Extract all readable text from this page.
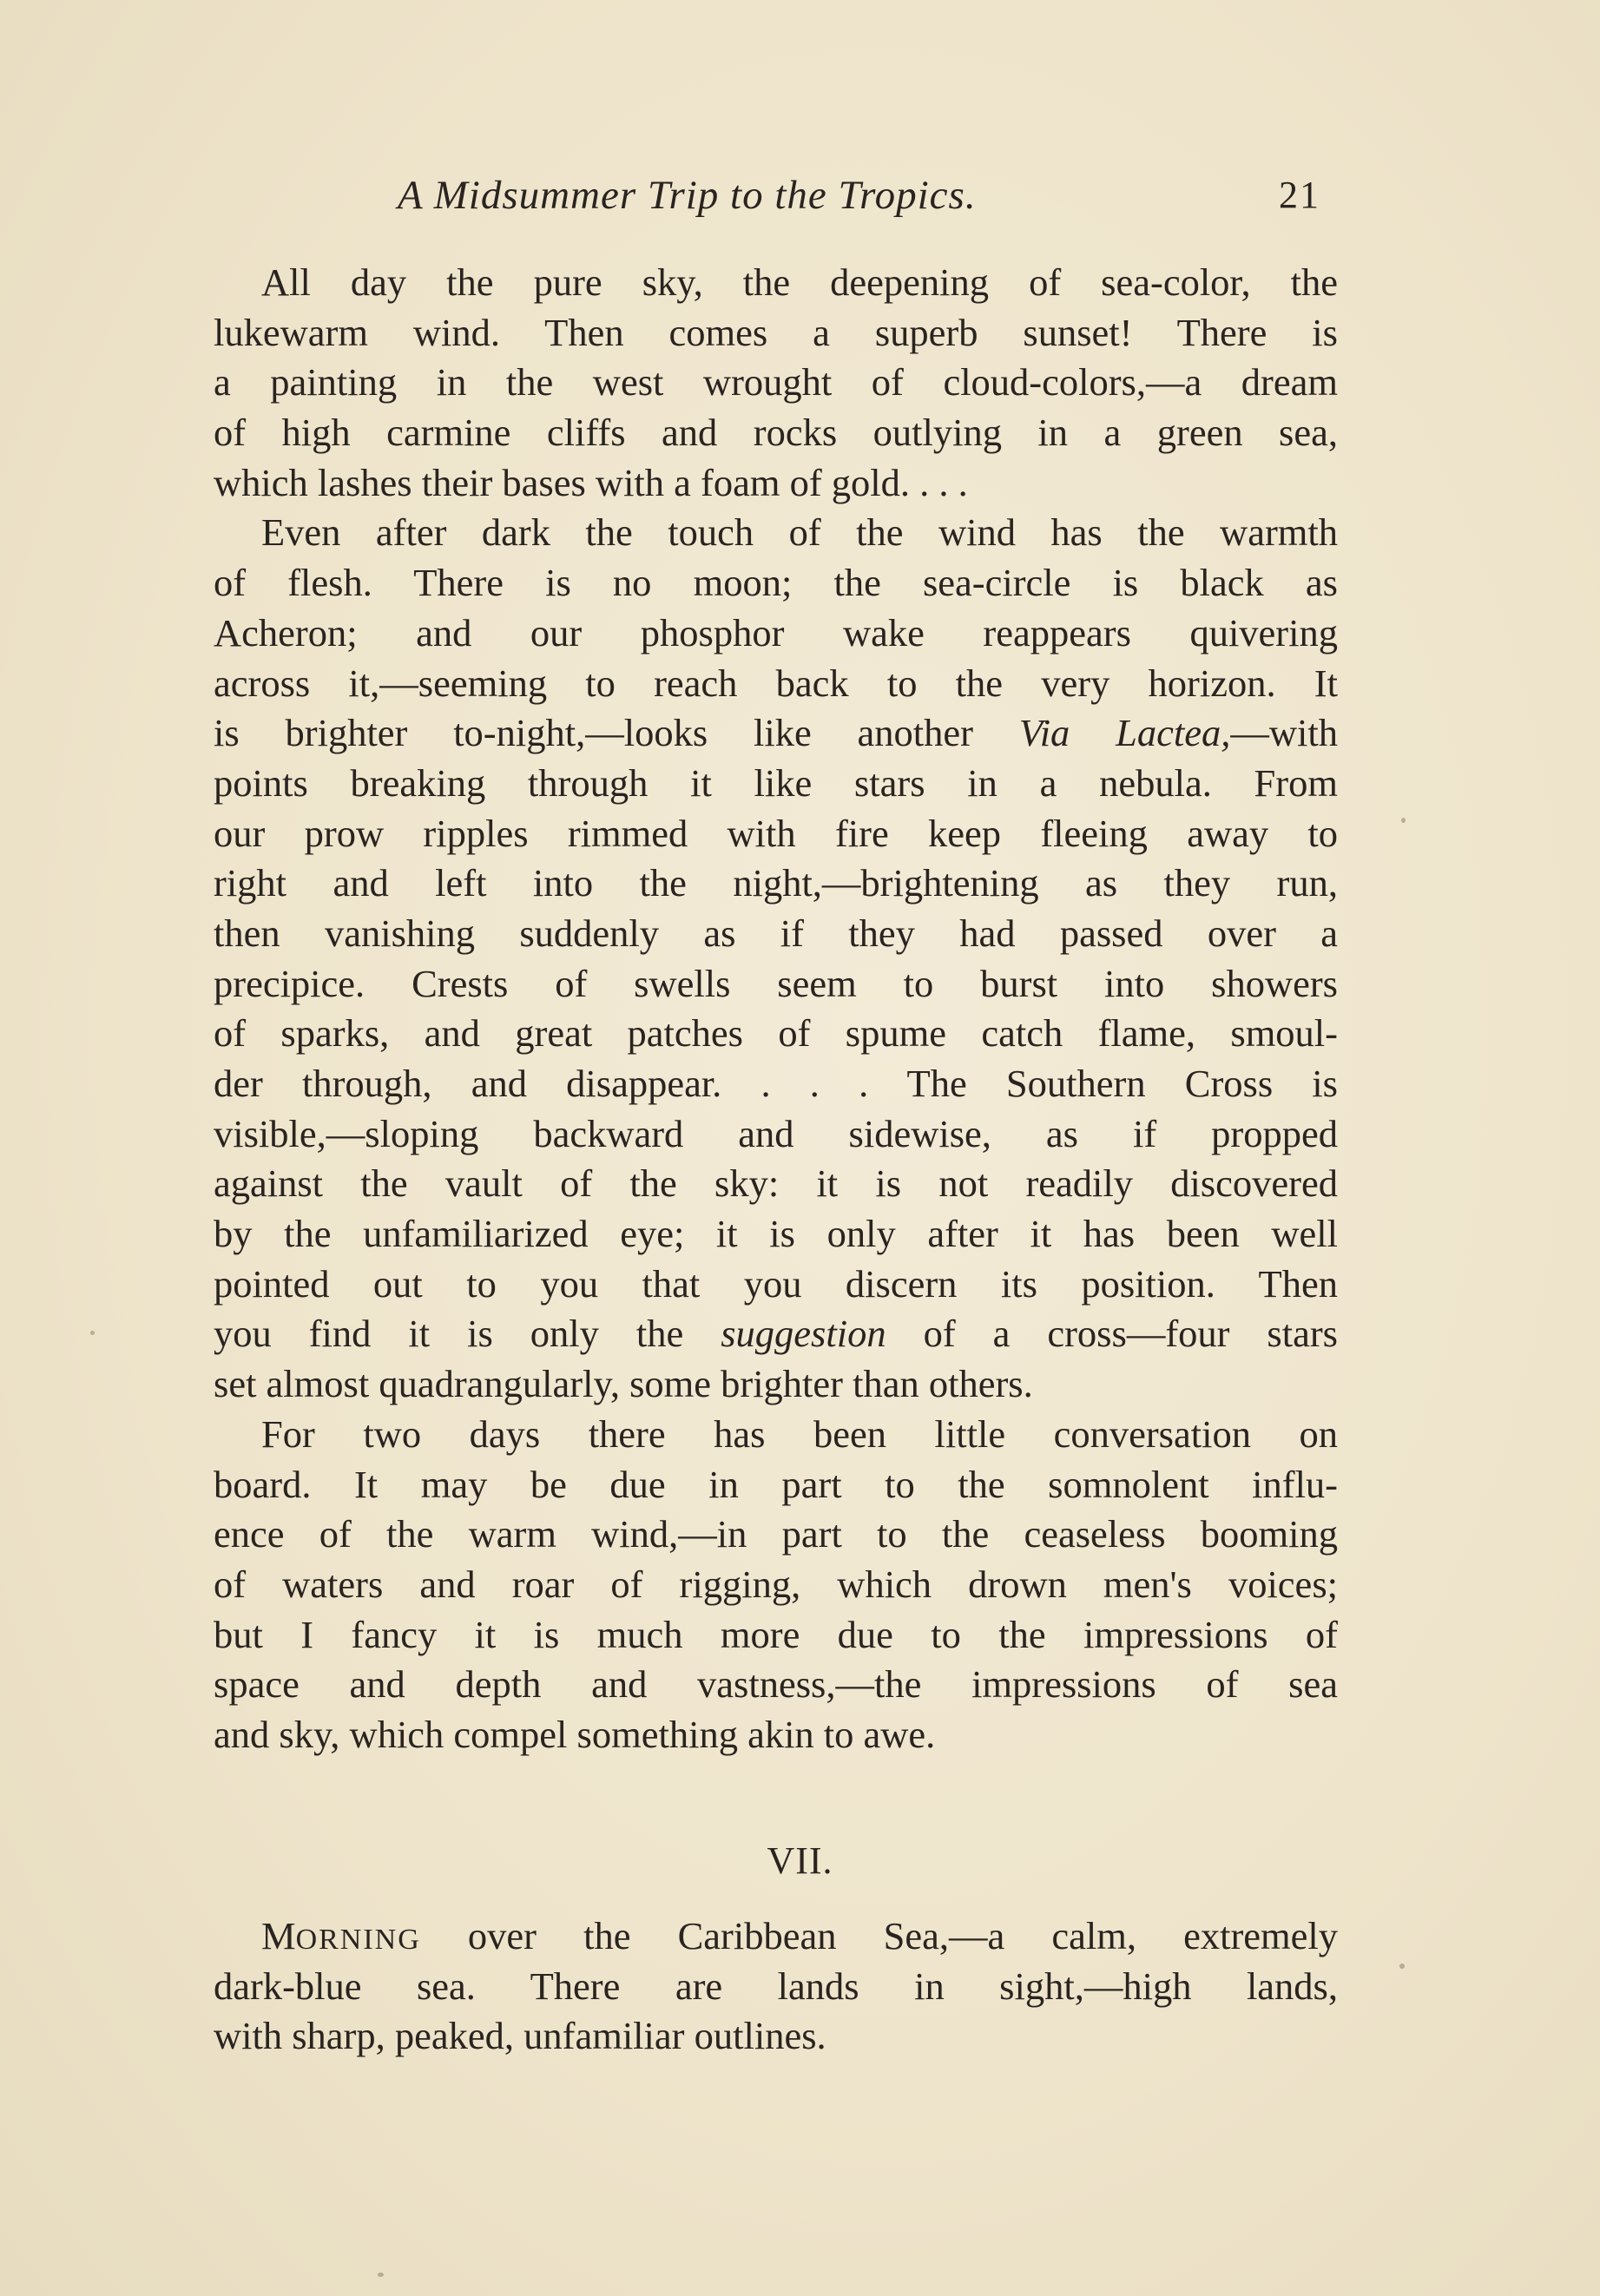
A Midsummer Trip to the Tropics.	21
All day the pure sky, the deepening of sea-color, the
lukewarm wind. Then comes a superb sunset! There is
a painting in the west wrought of cloud-colors,—a dream
of high carmine cliffs and rocks outlying in a green sea,
which lashes their bases with a foam of gold. . . .
Even after dark the touch of the wind has the warmth
of flesh. There is no moon; the sea-circle is black as
Acheron; and our phosphor wake reappears quivering
across it,—seeming to reach back to the very horizon. It
is brighter to-night,—looks like another Via Lactea,—with
points breaking through it like stars in a nebula. From
our prow ripples rimmed with fire keep fleeing away to
right and left into the night,—brightening as they run,
then vanishing suddenly as if they had passed over a
precipice. Crests of swells seem to burst into showers
of sparks, and great patches of spume catch flame, smoul-
der through, and disappear. . . . The Southern Cross is
visible,—sloping backward and sidewise, as if propped
against the vault of the sky: it is not readily discovered
by the unfamiliarized eye; it is only after it has been well
pointed out to you that you discern its position. Then
you find it is only the suggestion of a cross—four stars
set almost quadrangularly, some brighter than others.
For two days there has been little conversation on
board. It may be due in part to the somnolent influ-
ence of the warm wind,—in part to the ceaseless booming
of waters and roar of rigging, which drown men's voices;
but I fancy it is much more due to the impressions of
space and depth and vastness,—the impressions of sea
and sky, which compel something akin to awe.
VII.
MORNING over the Caribbean Sea,—a calm, extremely
dark-blue sea. There are lands in sight,—high lands,
with sharp, peaked, unfamiliar outlines.
